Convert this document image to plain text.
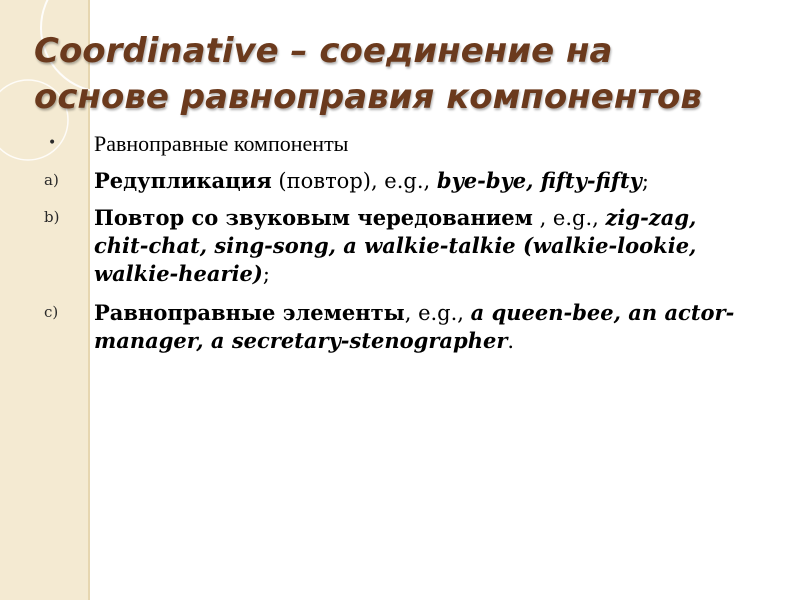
Coordinative – соединение на
основе равноправия компонентов
•	Равноправные компоненты
a)	Редупликация (повтор), e.g., bye-bye, fifty-fifty;
b)	Повтор со звуковым чередованием , e.g., zig-zag, chit-chat, sing-song, a walkie-talkie (walkie-lookie, walkie-hearie);
c)	Равноправные элементы, e.g., a queen-bee, an actor-manager, a secretary-stenographer.
